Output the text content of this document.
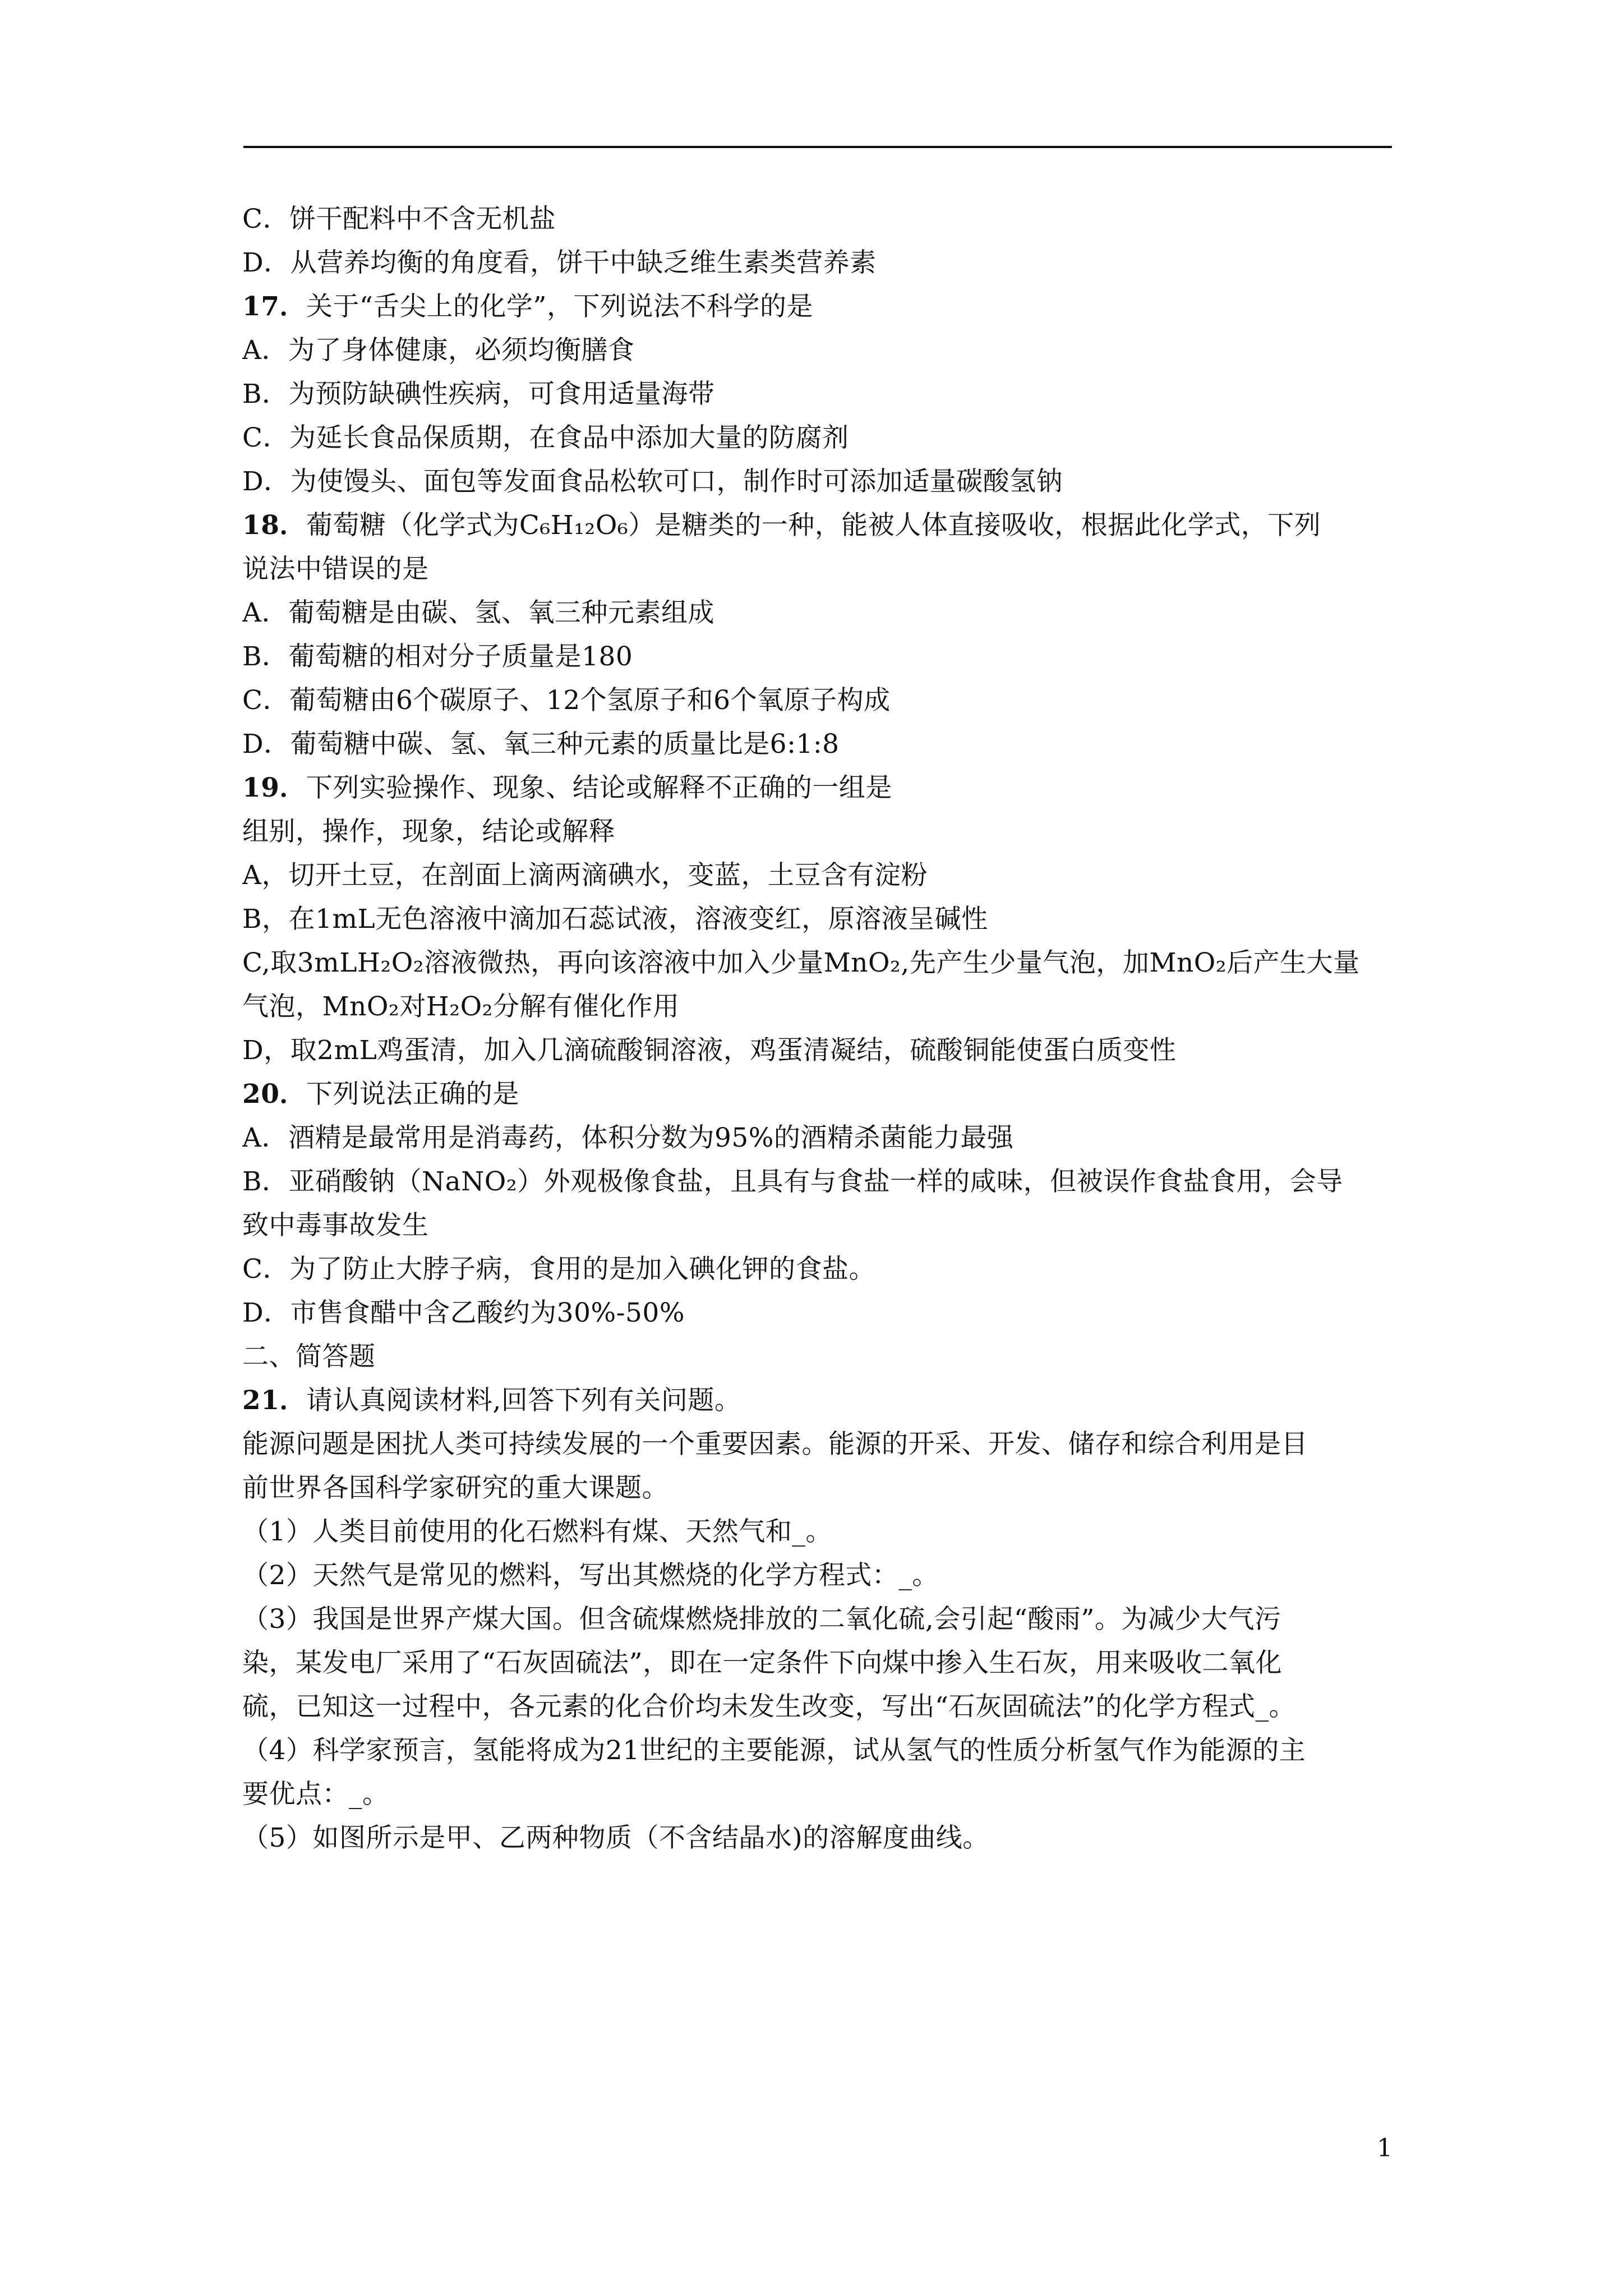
C．饼干配料中不含无机盐
D．从营养均衡的角度看，饼干中缺乏维生素类营养素
17．关于“舌尖上的化学”，下列说法不科学的是
A．为了身体健康，必须均衡膳食
B．为预防缺碘性疾病，可食用适量海带
C．为延长食品保质期，在食品中添加大量的防腐剂
D．为使馒头、面包等发面食品松软可口，制作时可添加适量碳酸氢钠
18．葡萄糖（化学式为C₆H₁₂O₆）是糖类的一种，能被人体直接吸收，根据此化学式，下列
说法中错误的是
A．葡萄糖是由碳、氢、氧三种元素组成
B．葡萄糖的相对分子质量是180
C．葡萄糖由6个碳原子、12个氢原子和6个氧原子构成
D．葡萄糖中碳、氢、氧三种元素的质量比是6:1:8
19．下列实验操作、现象、结论或解释不正确的一组是
组别，操作，现象，结论或解释
A，切开土豆，在剖面上滴两滴碘水，变蓝，土豆含有淀粉
B，在1mL无色溶液中滴加石蕊试液，溶液变红，原溶液呈碱性
C,取3mLH₂O₂溶液微热，再向该溶液中加入少量MnO₂,先产生少量气泡，加MnO₂后产生大量
气泡，MnO₂对H₂O₂分解有催化作用
D，取2mL鸡蛋清，加入几滴硫酸铜溶液，鸡蛋清凝结，硫酸铜能使蛋白质变性
20．下列说法正确的是
A．酒精是最常用是消毒药，体积分数为95%的酒精杀菌能力最强
B．亚硝酸钠（NaNO₂）外观极像食盐，且具有与食盐一样的咸味，但被误作食盐食用，会导
致中毒事故发生
C．为了防止大脖子病，食用的是加入碘化钾的食盐。
D．市售食醋中含乙酸约为30%-50%
二、简答题
21．请认真阅读材料,回答下列有关问题。
能源问题是困扰人类可持续发展的一个重要因素。能源的开采、开发、储存和综合利用是目
前世界各国科学家研究的重大课题。
（1）人类目前使用的化石燃料有煤、天然气和_。
（2）天然气是常见的燃料，写出其燃烧的化学方程式：_。
（3）我国是世界产煤大国。但含硫煤燃烧排放的二氧化硫,会引起“酸雨”。为减少大气污
染，某发电厂采用了“石灰固硫法”，即在一定条件下向煤中掺入生石灰，用来吸收二氧化
硫，已知这一过程中，各元素的化合价均未发生改变，写出“石灰固硫法”的化学方程式_。
（4）科学家预言，氢能将成为21世纪的主要能源，试从氢气的性质分析氢气作为能源的主
要优点：_。
（5）如图所示是甲、乙两种物质（不含结晶水)的溶解度曲线。
1
